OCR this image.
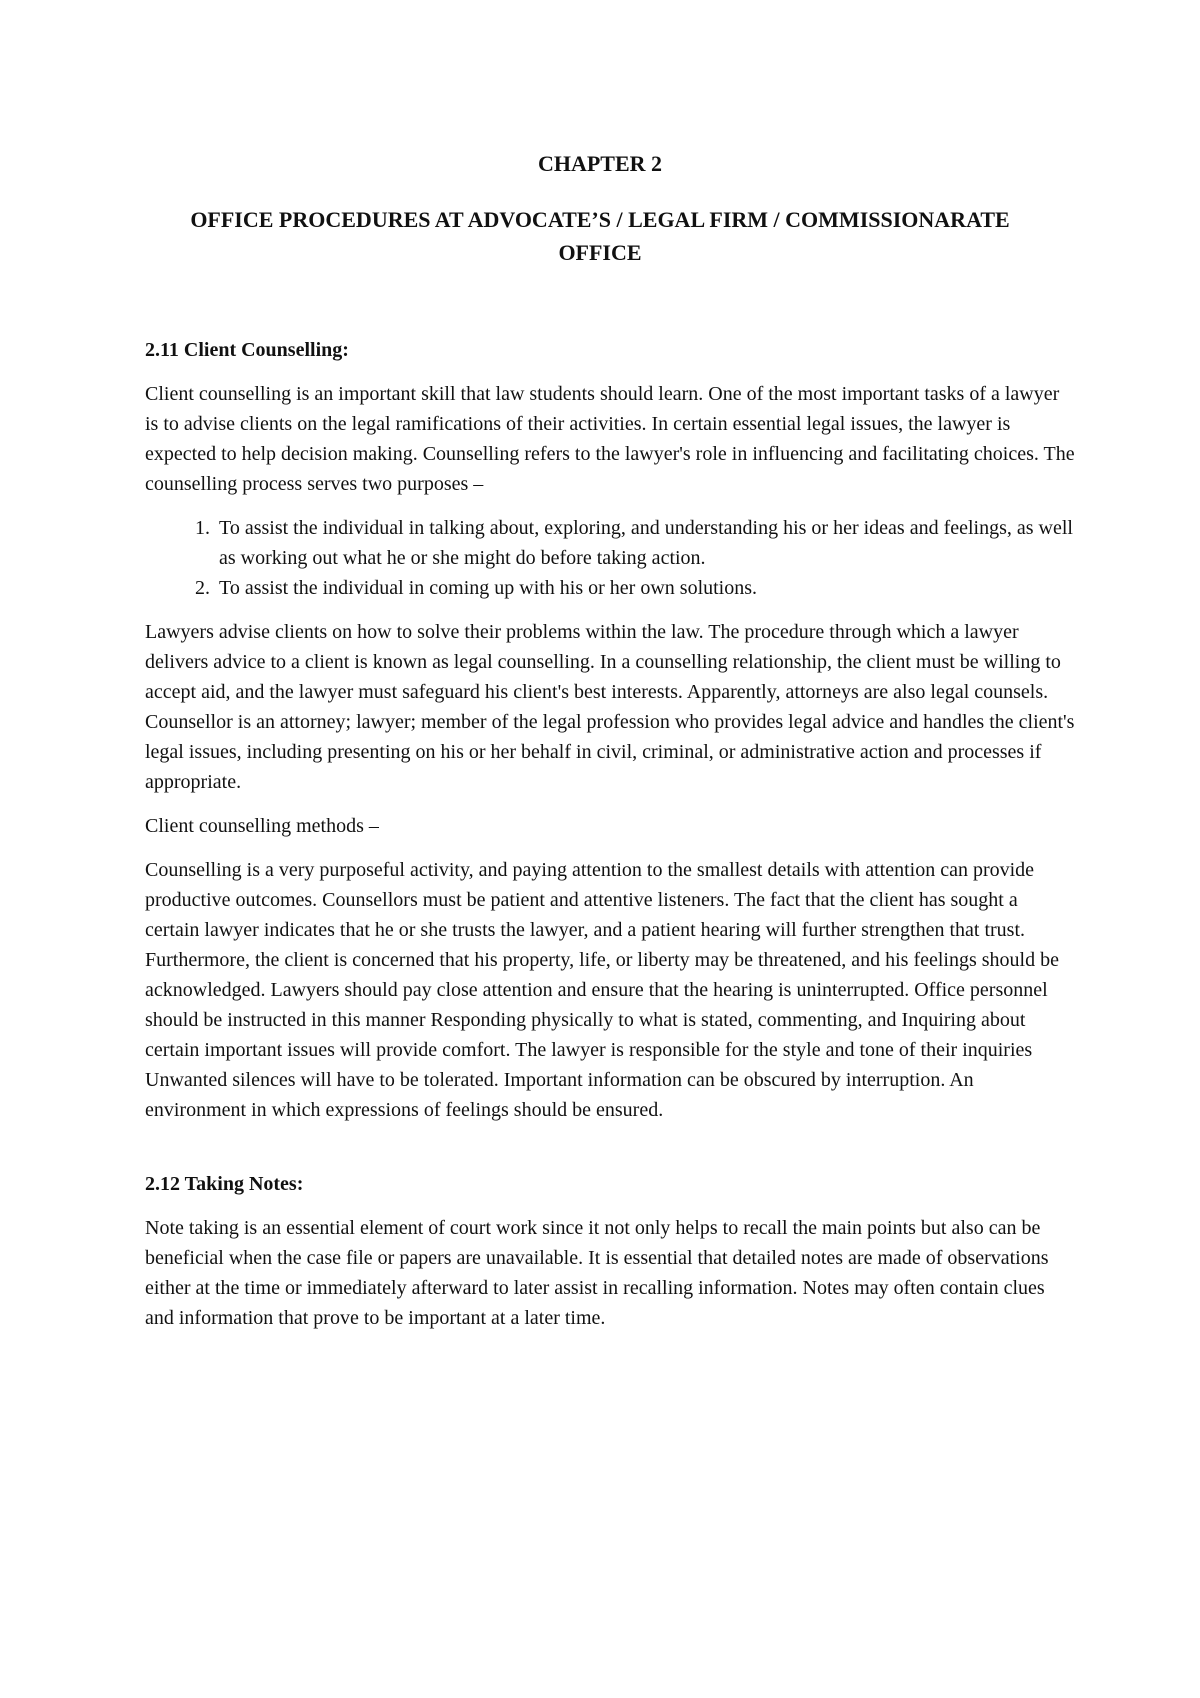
CHAPTER 2
OFFICE PROCEDURES AT ADVOCATE’S / LEGAL FIRM / COMMISSIONARATE OFFICE
2.11 Client Counselling:

Client counselling is an important skill that law students should learn. One of the most important tasks of a lawyer is to advise clients on the legal ramifications of their activities. In certain essential legal issues, the lawyer is expected to help decision making. Counselling refers to the lawyer's role in influencing and facilitating choices. The counselling process serves two purposes –

1. To assist the individual in talking about, exploring, and understanding his or her ideas and feelings, as well as working out what he or she might do before taking action.
2. To assist the individual in coming up with his or her own solutions.

Lawyers advise clients on how to solve their problems within the law. The procedure through which a lawyer delivers advice to a client is known as legal counselling. In a counselling relationship, the client must be willing to accept aid, and the lawyer must safeguard his client's best interests. Apparently, attorneys are also legal counsels. Counsellor is an attorney; lawyer; member of the legal profession who provides legal advice and handles the client's legal issues, including presenting on his or her behalf in civil, criminal, or administrative action and processes if appropriate.

Client counselling methods –

Counselling is a very purposeful activity, and paying attention to the smallest details with attention can provide productive outcomes. Counsellors must be patient and attentive listeners. The fact that the client has sought a certain lawyer indicates that he or she trusts the lawyer, and a patient hearing will further strengthen that trust. Furthermore, the client is concerned that his property, life, or liberty may be threatened, and his feelings should be acknowledged. Lawyers should pay close attention and ensure that the hearing is uninterrupted. Office personnel should be instructed in this manner Responding physically to what is stated, commenting, and Inquiring about certain important issues will provide comfort. The lawyer is responsible for the style and tone of their inquiries Unwanted silences will have to be tolerated. Important information can be obscured by interruption. An environment in which expressions of feelings should be ensured.

2.12 Taking Notes:

Note taking is an essential element of court work since it not only helps to recall the main points but also can be beneficial when the case file or papers are unavailable. It is essential that detailed notes are made of observations either at the time or immediately afterward to later assist in recalling information. Notes may often contain clues and information that prove to be important at a later time.
